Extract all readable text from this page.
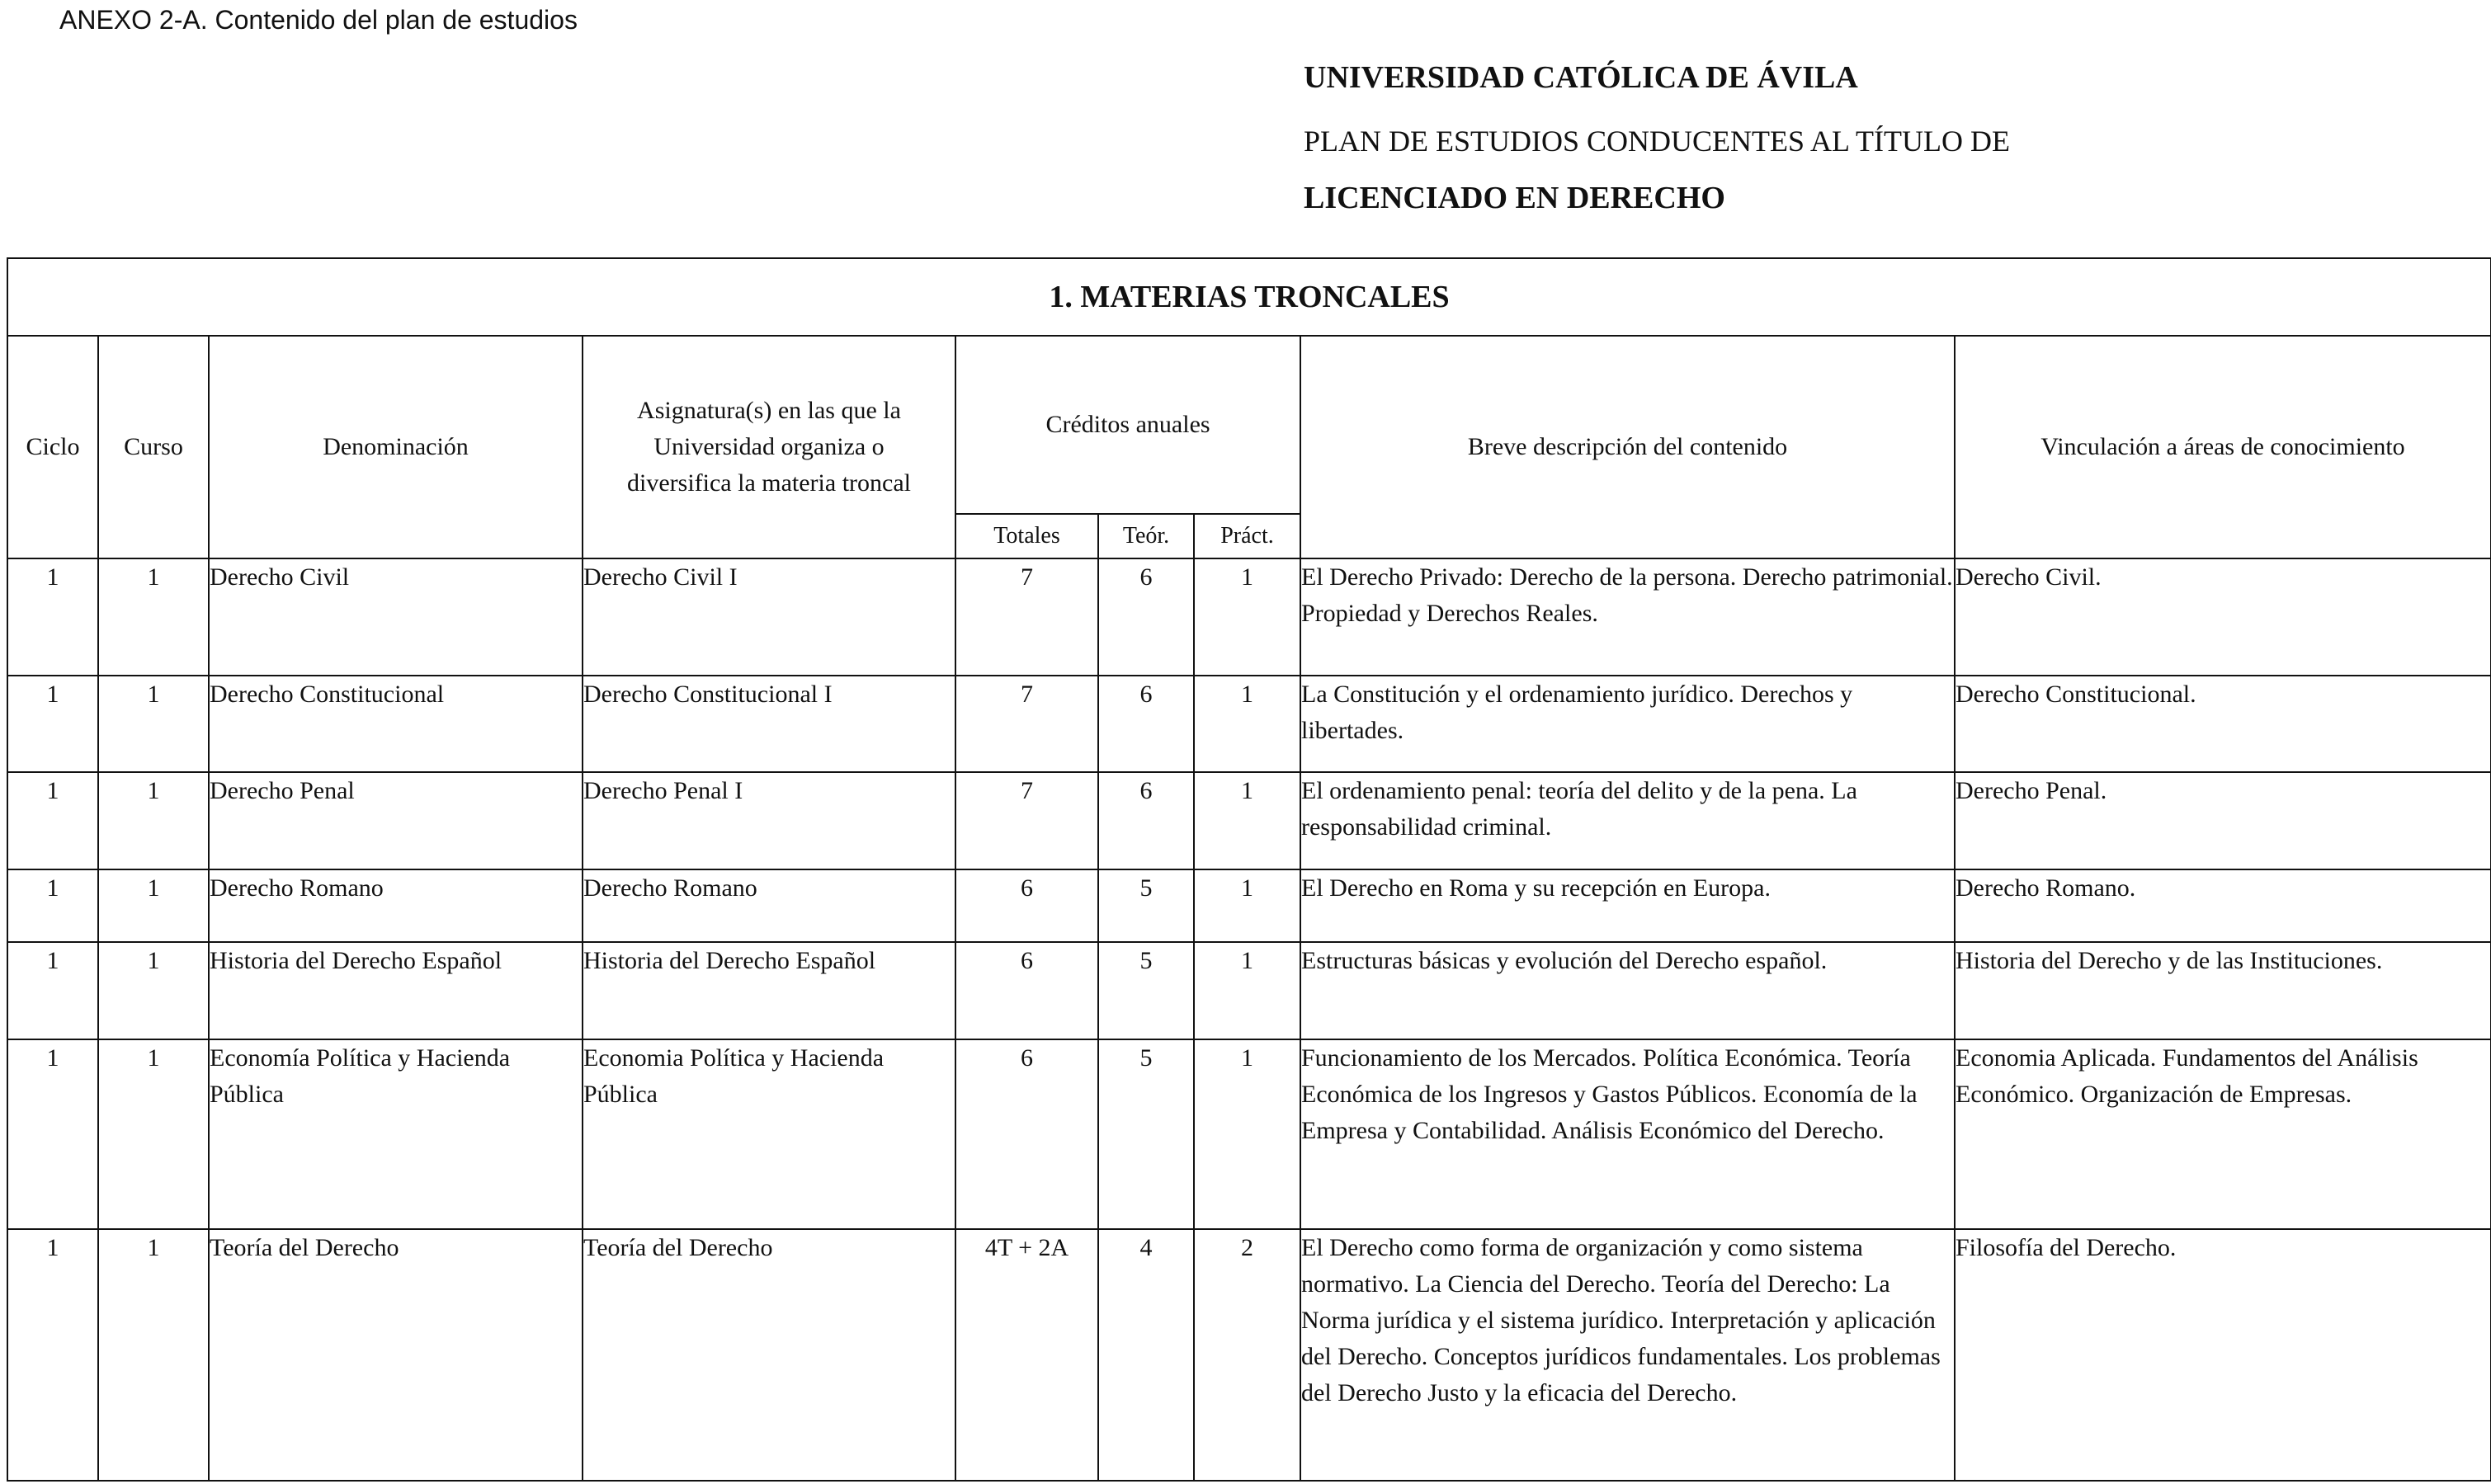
ANEXO 2-A. Contenido del plan de estudios
UNIVERSIDAD CATÓLICA DE ÁVILA
PLAN DE ESTUDIOS CONDUCENTES AL TÍTULO DE
LICENCIADO EN DERECHO
1. MATERIAS TRONCALES								
Ciclo	Curso	Denominación	Asignatura(s) en las que la Universidad organiza o diversifica la materia troncal	Créditos anuales			Breve descripción del contenido	Vinculación a áreas de conocimiento
				Totales	Teór.	Práct.		
1	1	Derecho Civil	Derecho Civil I	7	6	1	El Derecho Privado: Derecho de la persona. Derecho patrimonial. Propiedad y Derechos Reales.	Derecho Civil.
1	1	Derecho Constitucional	Derecho Constitucional I	7	6	1	La Constitución y el ordenamiento jurídico. Derechos y libertades.	Derecho Constitucional.
1	1	Derecho Penal	Derecho Penal I	7	6	1	El ordenamiento penal: teoría del delito y de la pena. La responsabilidad criminal.	Derecho Penal.
1	1	Derecho Romano	Derecho Romano	6	5	1	El Derecho en Roma y su recepción en Europa.	Derecho Romano.
1	1	Historia del Derecho Español	Historia del Derecho Español	6	5	1	Estructuras básicas y evolución del Derecho español.	Historia del Derecho y de las Instituciones.
1	1	Economía Política y Hacienda Pública	Economia Política y Hacienda Pública	6	5	1	Funcionamiento de los Mercados. Política Económica. Teoría Económica de los Ingresos y Gastos Públicos. Economía de la Empresa y Contabilidad. Análisis Económico del Derecho.	Economia Aplicada. Fundamentos del Análisis Económico. Organización de Empresas.
1	1	Teoría del Derecho	Teoría del Derecho	4T + 2A	4	2	El Derecho como forma de organización y como sistema normativo. La Ciencia del Derecho. Teoría del Derecho: La Norma jurídica y el sistema jurídico. Interpretación y aplicación del Derecho. Conceptos jurídicos fundamentales. Los problemas del Derecho Justo y la eficacia del Derecho.	Filosofía del Derecho.
